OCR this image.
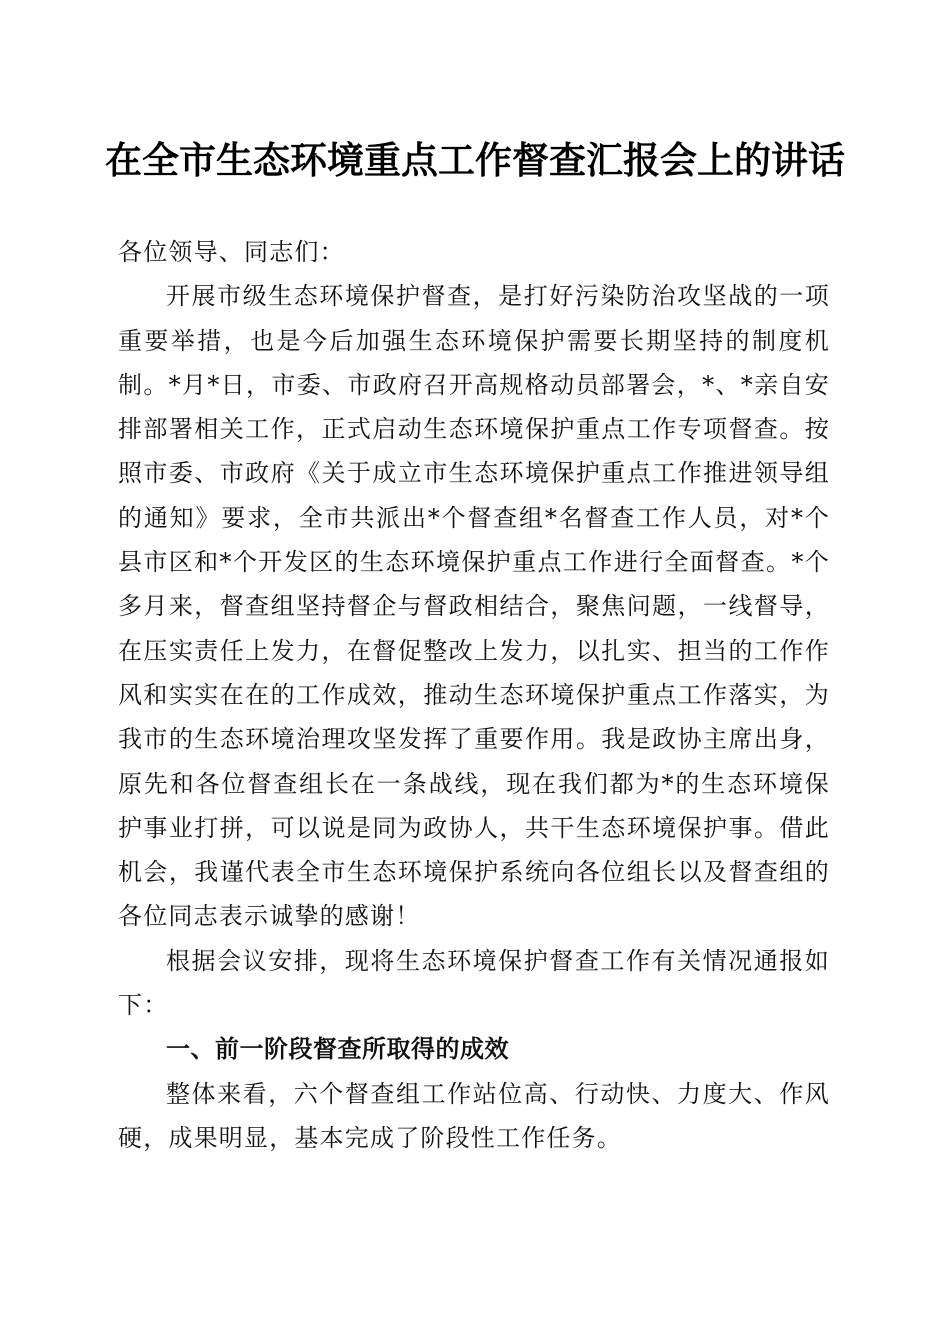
在全市生态环境重点工作督查汇报会上的讲话

各位领导、同志们：

开展市级生态环境保护督查，是打好污染防治攻坚战的一项重要举措，也是今后加强生态环境保护需要长期坚持的制度机制。*月*日，市委、市政府召开高规格动员部署会，*、*亲自安排部署相关工作，正式启动生态环境保护重点工作专项督查。按照市委、市政府《关于成立市生态环境保护重点工作推进领导组的通知》要求，全市共派出*个督查组*名督查工作人员，对*个县市区和*个开发区的生态环境保护重点工作进行全面督查。*个多月来，督查组坚持督企与督政相结合，聚焦问题，一线督导，在压实责任上发力，在督促整改上发力，以扎实、担当的工作作风和实实在在的工作成效，推动生态环境保护重点工作落实，为我市的生态环境治理攻坚发挥了重要作用。我是政协主席出身，原先和各位督查组长在一条战线，现在我们都为*的生态环境保护事业打拼，可以说是同为政协人，共干生态环境保护事。借此机会，我谨代表全市生态环境保护系统向各位组长以及督查组的各位同志表示诚挚的感谢！

根据会议安排，现将生态环境保护督查工作有关情况通报如下：

一、前一阶段督查所取得的成效

整体来看，六个督查组工作站位高、行动快、力度大、作风硬，成果明显，基本完成了阶段性工作任务。
